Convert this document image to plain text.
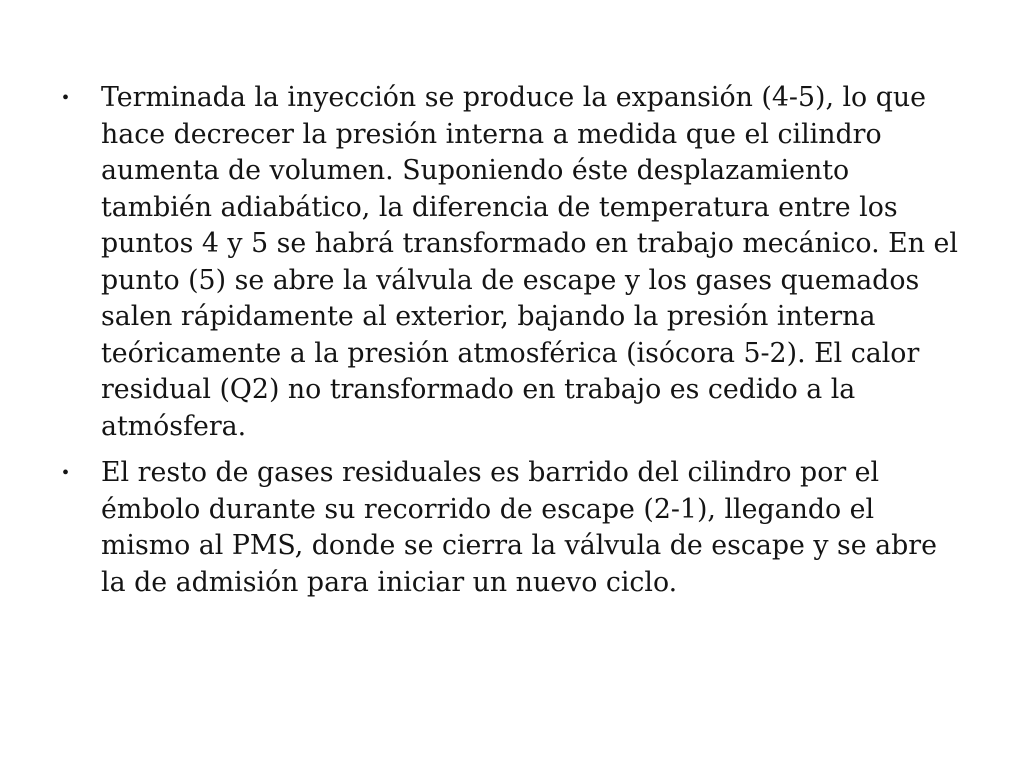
•	Terminada la inyección se produce la expansión (4-5), lo que hace decrecer la presión interna a medida que el cilindro aumenta de volumen. Suponiendo éste desplazamiento también adiabático, la diferencia de temperatura entre los puntos 4 y 5 se habrá transformado en trabajo mecánico. En el punto (5) se abre la válvula de escape y los gases quemados salen rápidamente al exterior, bajando la presión interna teóricamente a la presión atmosférica (isócora 5-2). El calor residual (Q2) no transformado en trabajo es cedido a la atmósfera.
•	El resto de gases residuales es barrido del cilindro por el émbolo durante su recorrido de escape (2-1), llegando el mismo al PMS, donde se cierra la válvula de escape y se abre la de admisión para iniciar un nuevo ciclo.
